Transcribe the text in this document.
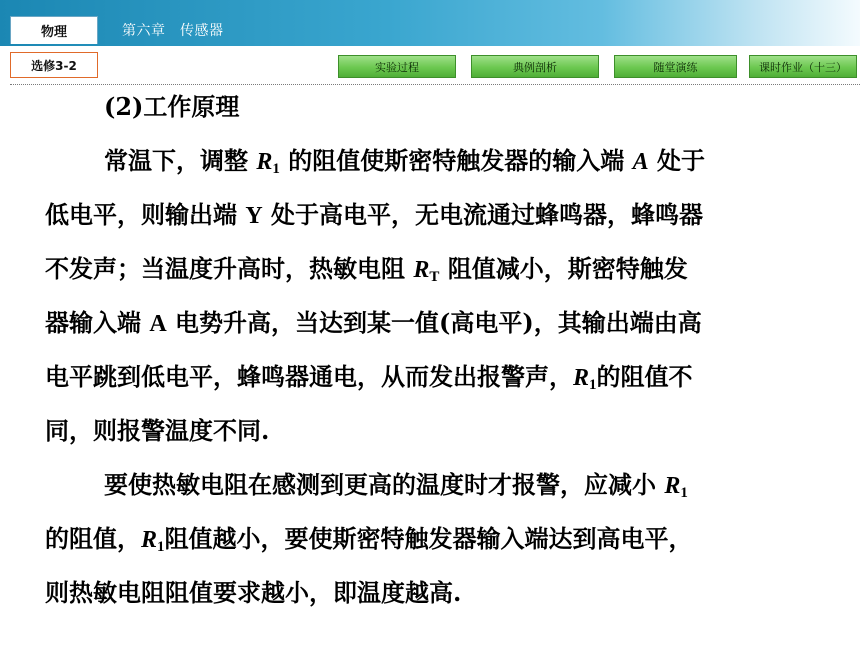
第六章　传感器
物理
选修3-2	实验过程	典例剖析	随堂演练	课时作业（十三）
(2)工作原理
常温下，调整 $R_1$ 的阻值使斯密特触发器的输入端 A 处于
低电平，则输出端 Y 处于高电平，无电流通过蜂鸣器，蜂鸣器
不发声；当温度升高时，热敏电阻 $R_T$ 阻值减小，斯密特触发
器输入端 A 电势升高，当达到某一值(高电平)，其输出端由高
电平跳到低电平，蜂鸣器通电，从而发出报警声，$R_1$的阻值不
同，则报警温度不同.
要使热敏电阻在感测到更高的温度时才报警，应减小 $R_1$
的阻值，$R_1$阻值越小，要使斯密特触发器输入端达到高电平，
则热敏电阻阻值要求越小，即温度越高.
